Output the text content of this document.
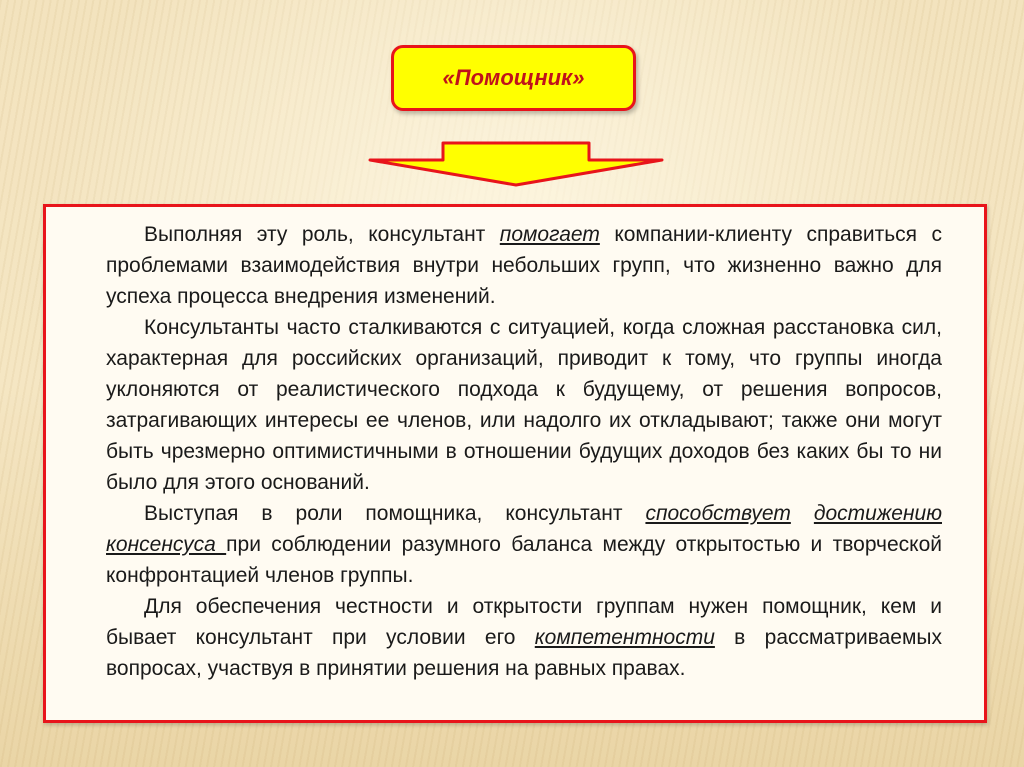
«Помощник»

Выполняя эту роль, консультант помогает компании-клиенту справиться с проблемами взаимодействия внутри небольших групп, что жизненно важно для успеха процесса внедрения изменений.

Консультанты часто сталкиваются с ситуацией, когда сложная расстановка сил, характерная для российских организаций, приводит к тому, что группы иногда уклоняются от реалистического подхода к будущему, от решения вопросов, затрагивающих интересы ее членов, или надолго их откладывают; также они могут быть чрезмерно оптимистичными в отношении будущих доходов без каких бы то ни было для этого оснований.

Выступая в роли помощника, консультант способствует достижению консенсуса при соблюдении разумного баланса между открытостью и творческой конфронтацией членов группы.

Для обеспечения честности и открытости группам нужен помощник, кем и бывает консультант при условии его компетентности в рассматриваемых вопросах, участвуя в принятии решения на равных правах.
